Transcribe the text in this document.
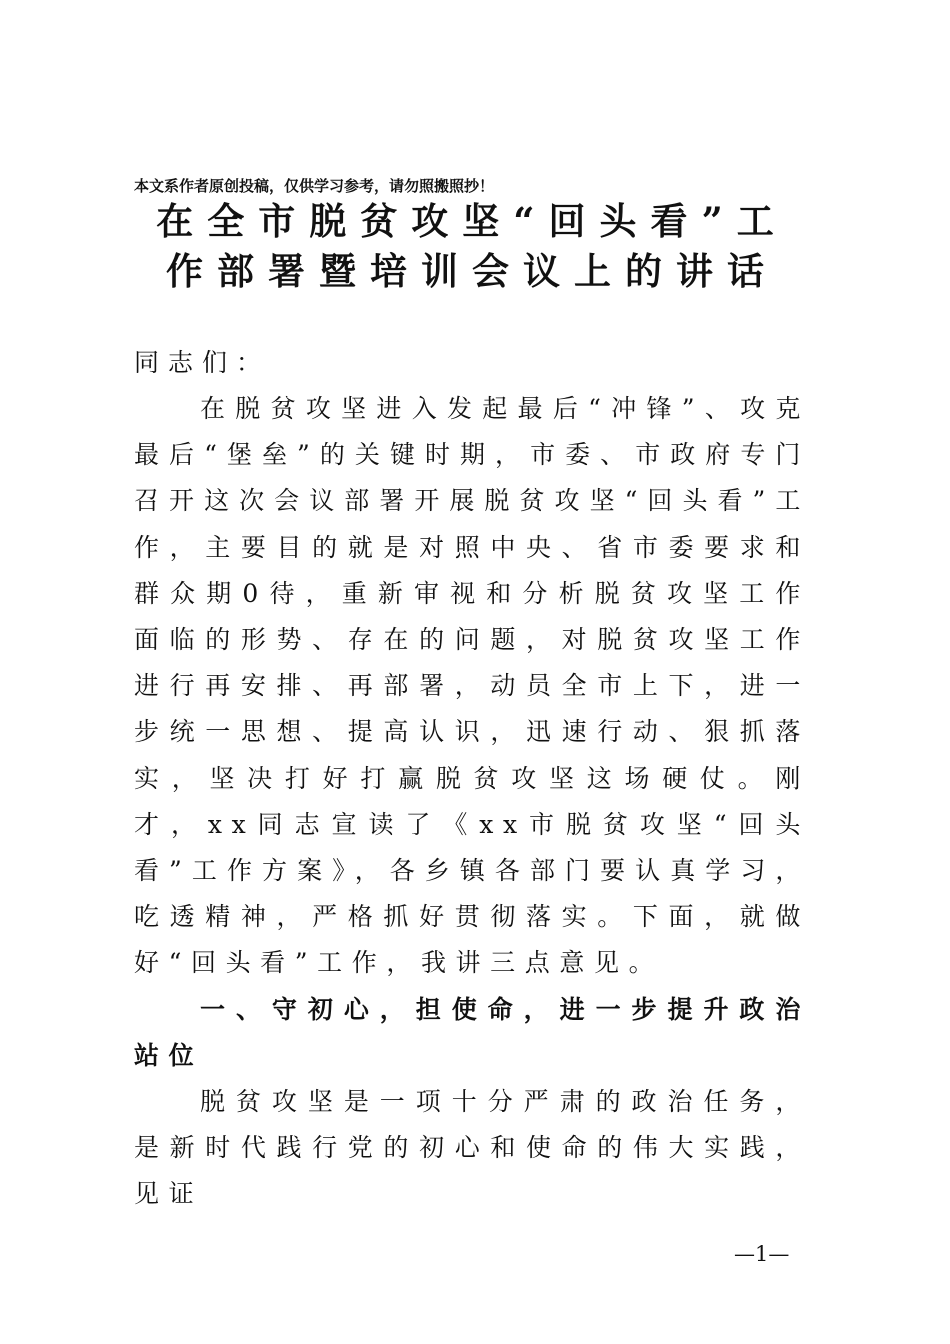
本文系作者原创投稿，仅供学习参考，请勿照搬照抄！
在全市脱贫攻坚“回头看”工
作部署暨培训会议上的讲话

同志们：

在脱贫攻坚进入发起最后“冲锋”、攻克最后“堡垒”的关键时期，市委、市政府专门召开这次会议部署开展脱贫攻坚“回头看”工作，主要目的就是对照中央、省市委要求和群众期0待，重新审视和分析脱贫攻坚工作面临的形势、存在的问题，对脱贫攻坚工作进行再安排、再部署，动员全市上下，进一步统一思想、提高认识，迅速行动、狠抓落实，坚决打好打赢脱贫攻坚这场硬仗。刚才，xx同志宣读了《xx市脱贫攻坚“回头看”工作方案》，各乡镇各部门要认真学习，吃透精神，严格抓好贯彻落实。下面，就做好“回头看”工作，我讲三点意见。

一、守初心，担使命，进一步提升政治站位

脱贫攻坚是一项十分严肃的政治任务，是新时代践行党的初心和使命的伟大实践，见证

—1—
